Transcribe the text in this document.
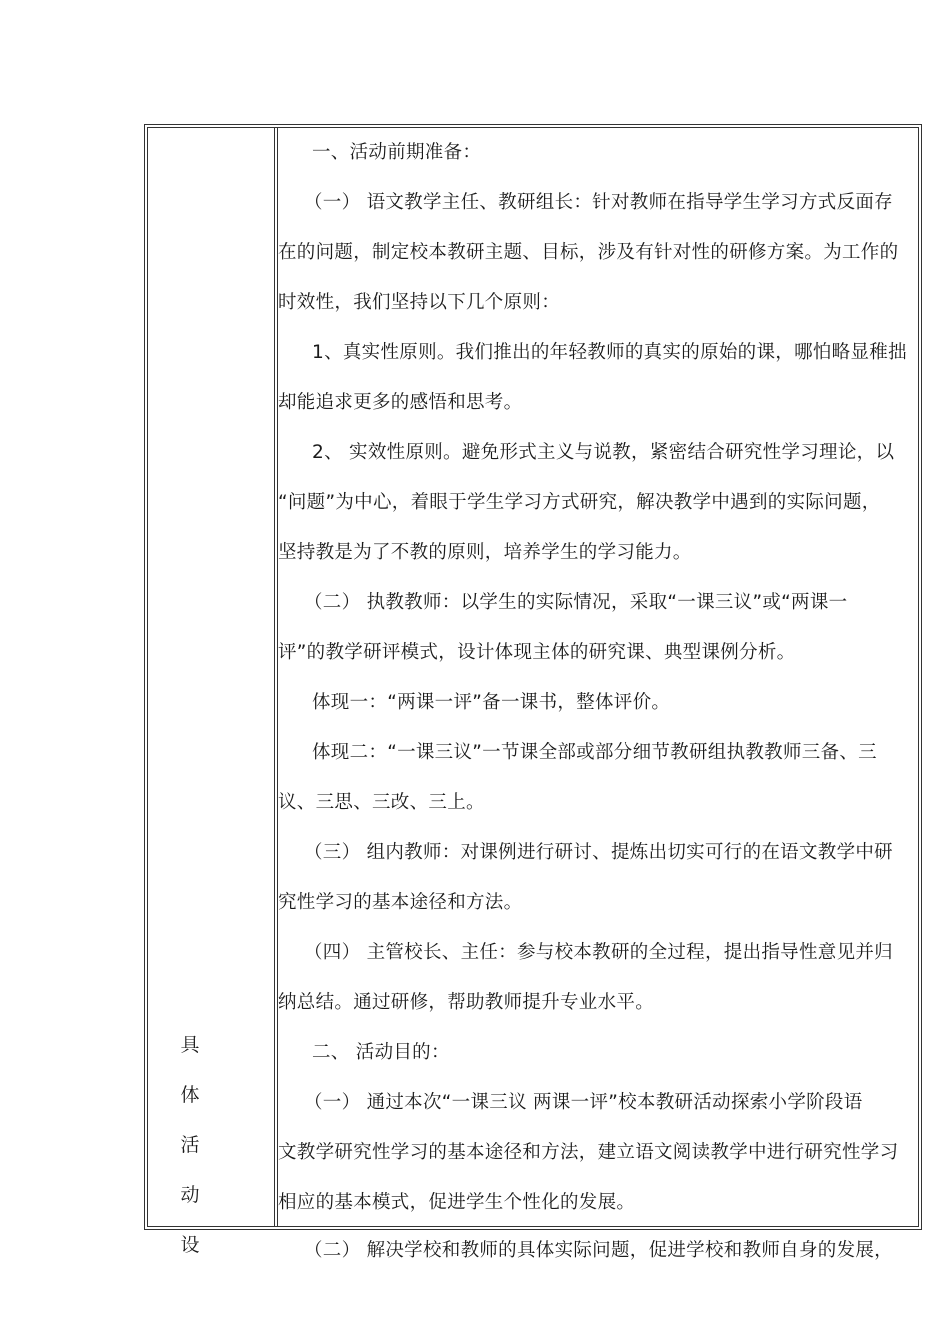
具
体
活
动
设

一、活动前期准备：

（一） 语文教学主任、教研组长：针对教师在指导学生学习方式反面存

在的问题，制定校本教研主题、目标，涉及有针对性的研修方案。为工作的

时效性，我们坚持以下几个原则：

1、真实性原则。我们推出的年轻教师的真实的原始的课，哪怕略显稚拙

却能追求更多的感悟和思考。

2、 实效性原则。避免形式主义与说教，紧密结合研究性学习理论，以

“问题”为中心，着眼于学生学习方式研究，解决教学中遇到的实际问题，

坚持教是为了不教的原则，培养学生的学习能力。

（二） 执教教师：以学生的实际情况，采取“一课三议”或“两课一

评”的教学研评模式，设计体现主体的研究课、典型课例分析。

体现一：“两课一评”备一课书，整体评价。

体现二：“一课三议”一节课全部或部分细节教研组执教教师三备、三

议、三思、三改、三上。

（三） 组内教师：对课例进行研讨、提炼出切实可行的在语文教学中研

究性学习的基本途径和方法。

（四） 主管校长、主任：参与校本教研的全过程，提出指导性意见并归

纳总结。通过研修，帮助教师提升专业水平。

二、 活动目的：

（一） 通过本次“一课三议 两课一评”校本教研活动探索小学阶段语

文教学研究性学习的基本途径和方法，建立语文阅读教学中进行研究性学习

相应的基本模式，促进学生个性化的发展。

（二） 解决学校和教师的具体实际问题，促进学校和教师自身的发展，
